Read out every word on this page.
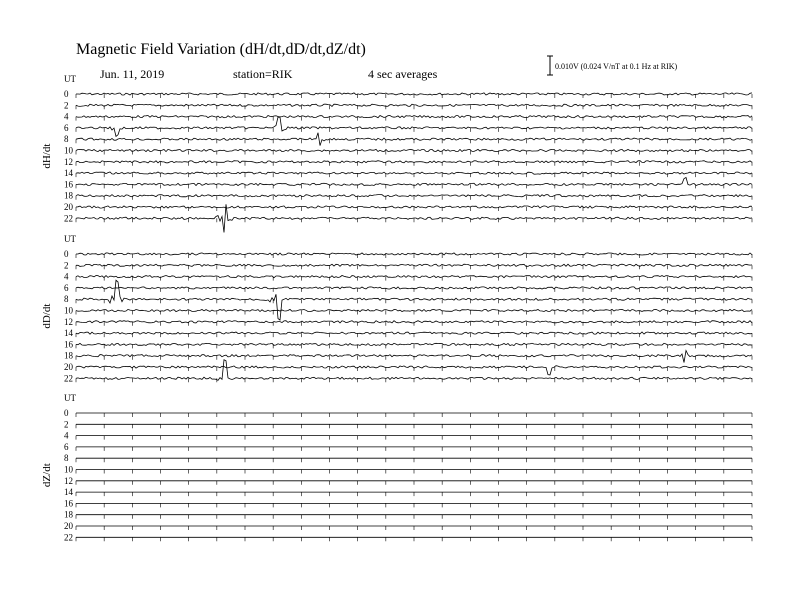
Magnetic Field Variation (dH/dt,dD/dt,dZ/dt)
Jun. 11, 2019	station=RIK	4 sec averages
0.010V (0.024 V/nT at 0.1 Hz at RIK)
UT
dH/dt
0
2
4
6
8
10
12
14
16
18
20
22
UT
dD/dt
0
2
4
6
8
10
12
14
16
18
20
22
UT
dZ/dt
0
2
4
6
8
10
12
14
16
18
20
22
